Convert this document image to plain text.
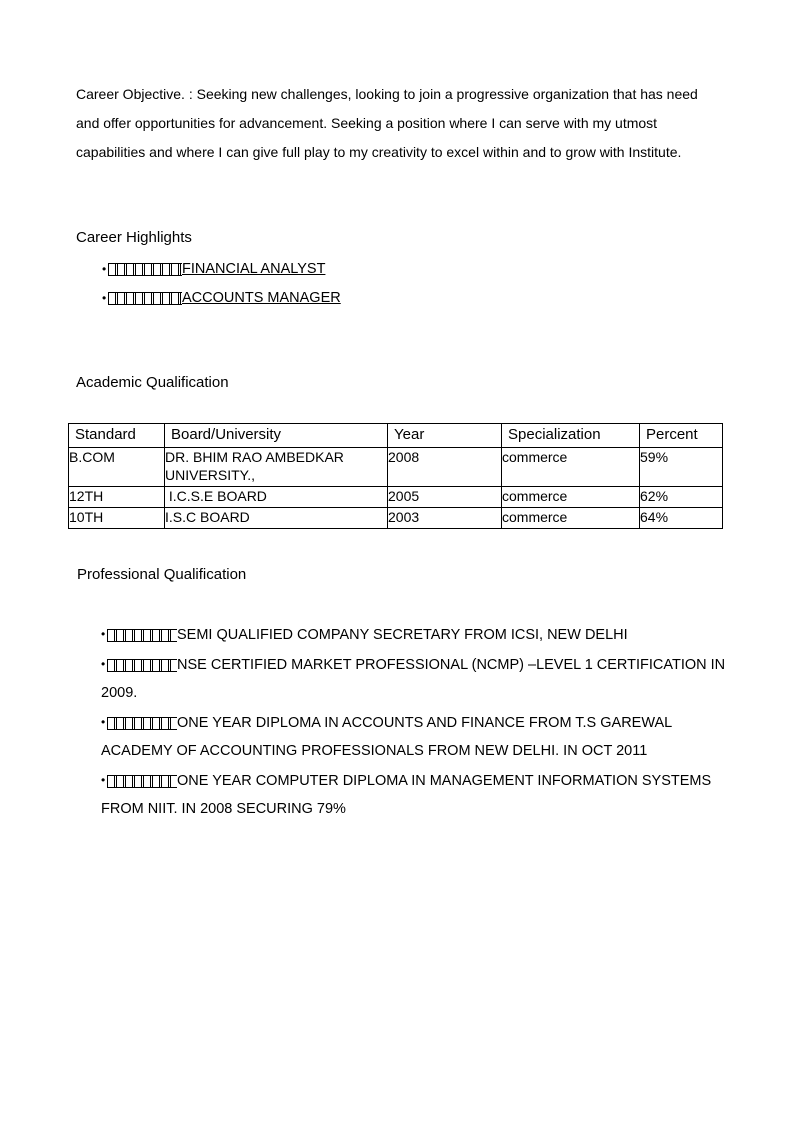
Career Objective. : Seeking new challenges, looking to join a progressive organization that has need and offer opportunities for advancement. Seeking a position where I can serve with my utmost capabilities and where I can give full play to my creativity to excel within and to grow with Institute.

Career Highlights
•	FINANCIAL ANALYST
•	ACCOUNTS MANAGER
Academic Qualification
Standard	Board/University	Year	Specialization	Percent
B.COM	DR. BHIM RAO AMBEDKAR UNIVERSITY.,	2008	commerce	59%
12TH	I.C.S.E BOARD	2005	commerce	62%
10TH	I.S.C BOARD	2003	commerce	64%
Professional Qualification
•	SEMI QUALIFIED COMPANY SECRETARY FROM ICSI, NEW DELHI
•	NSE CERTIFIED MARKET PROFESSIONAL (NCMP) –LEVEL 1 CERTIFICATION IN 2009.
•	ONE YEAR DIPLOMA IN ACCOUNTS AND FINANCE FROM T.S GAREWAL ACADEMY OF ACCOUNTING PROFESSIONALS FROM NEW DELHI. IN OCT 2011
•	ONE YEAR COMPUTER DIPLOMA IN MANAGEMENT INFORMATION SYSTEMS FROM NIIT. IN 2008 SECURING 79%
